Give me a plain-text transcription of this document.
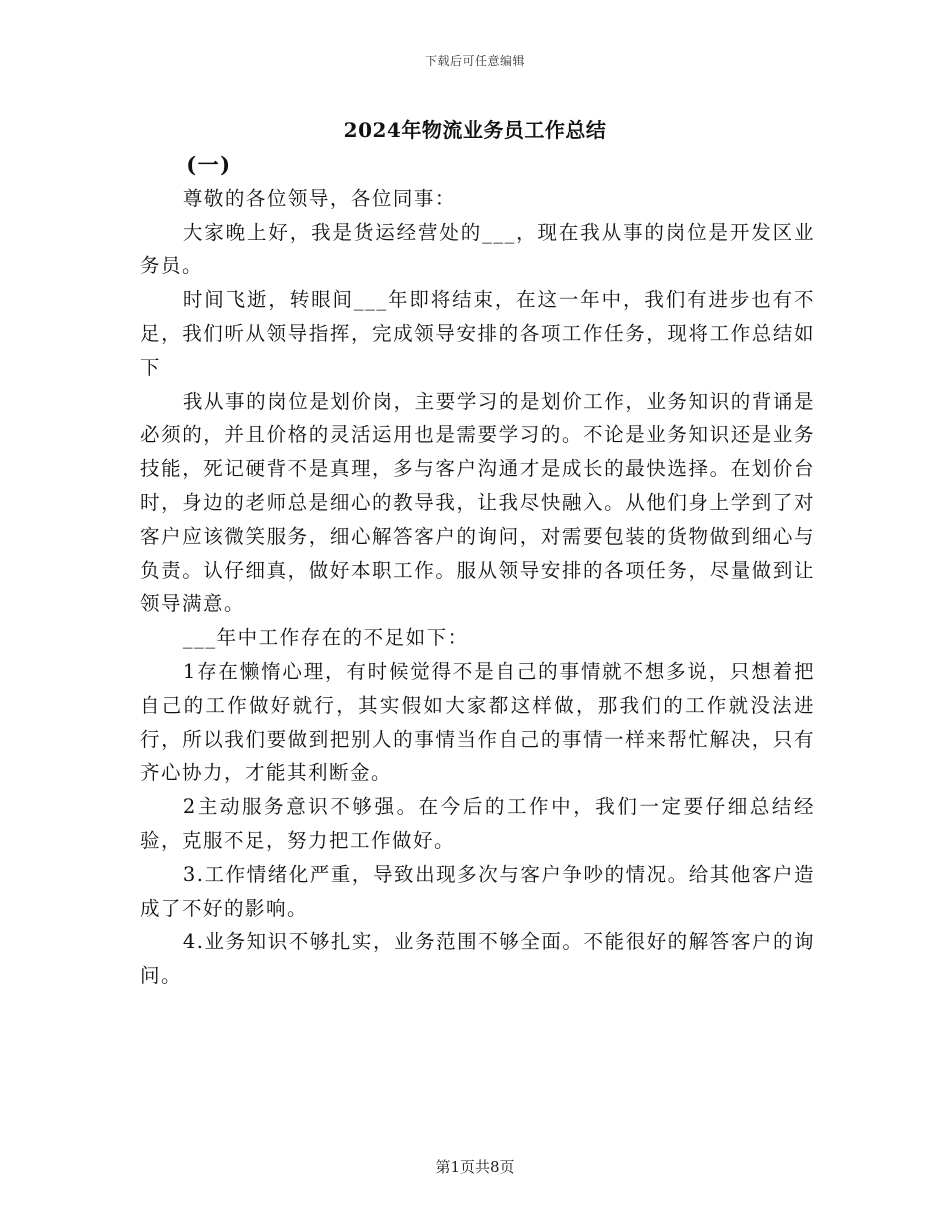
下载后可任意编辑
2024年物流业务员工作总结

(一)

尊敬的各位领导，各位同事：

大家晚上好，我是货运经营处的___，现在我从事的岗位是开发区业务员。

时间飞逝，转眼间___年即将结束，在这一年中，我们有进步也有不足，我们听从领导指挥，完成领导安排的各项工作任务，现将工作总结如下

我从事的岗位是划价岗，主要学习的是划价工作，业务知识的背诵是必须的，并且价格的灵活运用也是需要学习的。不论是业务知识还是业务技能，死记硬背不是真理，多与客户沟通才是成长的最快选择。在划价台时，身边的老师总是细心的教导我，让我尽快融入。从他们身上学到了对客户应该微笑服务，细心解答客户的询问，对需要包装的货物做到细心与负责。认仔细真，做好本职工作。服从领导安排的各项任务，尽量做到让领导满意。

___年中工作存在的不足如下：

1存在懒惰心理，有时候觉得不是自己的事情就不想多说，只想着把自己的工作做好就行，其实假如大家都这样做，那我们的工作就没法进行，所以我们要做到把别人的事情当作自己的事情一样来帮忙解决，只有齐心协力，才能其利断金。

2主动服务意识不够强。在今后的工作中，我们一定要仔细总结经验，克服不足，努力把工作做好。

3.工作情绪化严重，导致出现多次与客户争吵的情况。给其他客户造成了不好的影响。

4.业务知识不够扎实，业务范围不够全面。不能很好的解答客户的询问。

第1页共8页
